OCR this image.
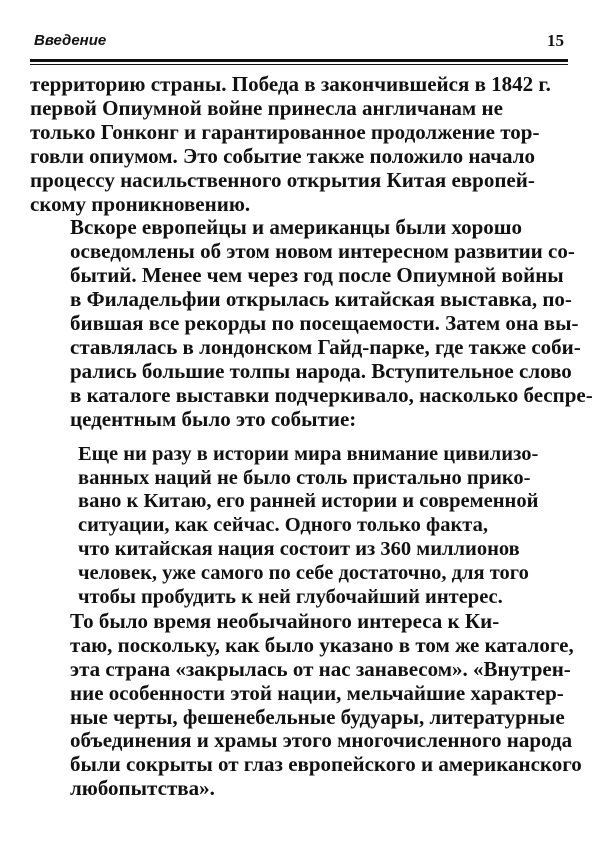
Введение	15

территорию страны. Победа в закончившейся в 1842 г.
первой Опиумной войне принесла англичанам не
только Гонконг и гарантированное продолжение тор-
говли опиумом. Это событие также положило начало
процессу насильственного открытия Китая европей-
скому проникновению.

Вскоре европейцы и американцы были хорошо
осведомлены об этом новом интересном развитии со-
бытий. Менее чем через год после Опиумной войны
в Филадельфии открылась китайская выставка, по-
бившая все рекорды по посещаемости. Затем она вы-
ставлялась в лондонском Гайд-парке, где также соби-
рались большие толпы народа. Вступительное слово
в каталоге выставки подчеркивало, насколько беспре-
цедентным было это событие:

Еще ни разу в истории мира внимание цивилизо-
ванных наций не было столь пристально прико-
вано к Китаю, его ранней истории и современной
ситуации, как сейчас. Одного только факта,
что китайская нация состоит из 360 миллионов
человек, уже самого по себе достаточно, для того
чтобы пробудить к ней глубочайший интерес.

То было время необычайного интереса к Ки-
таю, поскольку, как было указано в том же каталоге,
эта страна «закрылась от нас занавесом». «Внутрен-
ние особенности этой нации, мельчайшие характер-
ные черты, фешенебельные будуары, литературные
объединения и храмы этого многочисленного народа
были сокрыты от глаз европейского и американского
любопытства».
